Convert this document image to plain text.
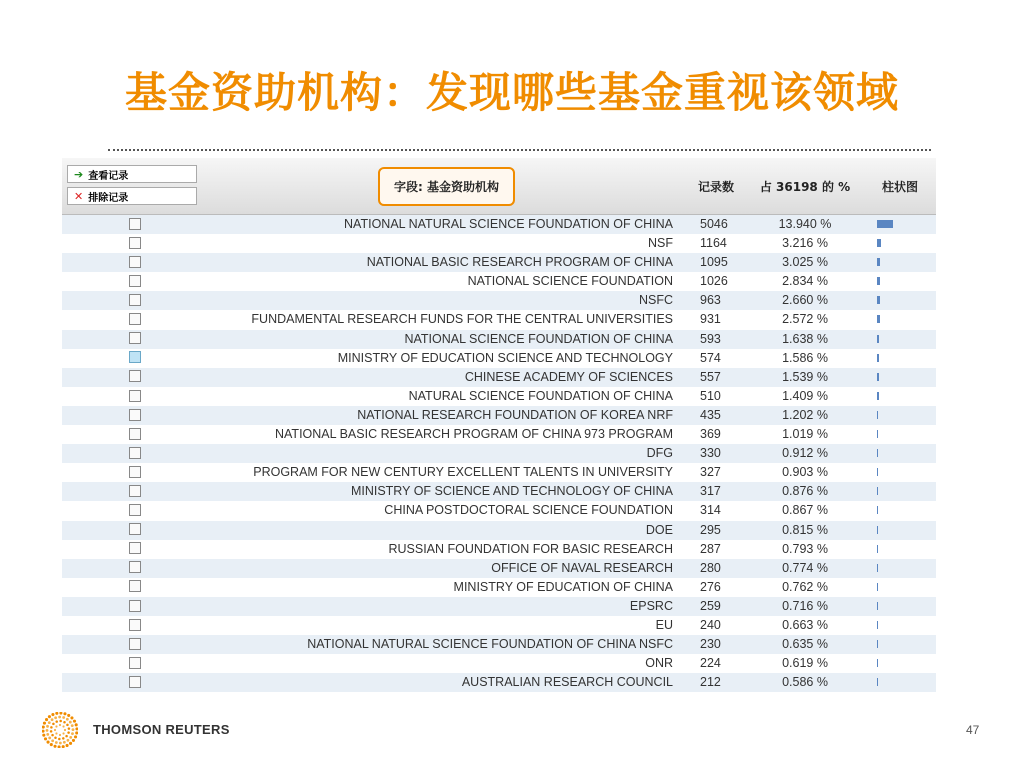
基金资助机构：发现哪些基金重视该领域
➔ 查看记录
✕ 排除记录
字段: 基金资助机构	记录数	占 36198 的 %	柱状图
NATIONAL NATURAL SCIENCE FOUNDATION OF CHINA	5046	13.940 %
NSF	1164	3.216 %
NATIONAL BASIC RESEARCH PROGRAM OF CHINA	1095	3.025 %
NATIONAL SCIENCE FOUNDATION	1026	2.834 %
NSFC	963	2.660 %
FUNDAMENTAL RESEARCH FUNDS FOR THE CENTRAL UNIVERSITIES	931	2.572 %
NATIONAL SCIENCE FOUNDATION OF CHINA	593	1.638 %
MINISTRY OF EDUCATION SCIENCE AND TECHNOLOGY	574	1.586 %
CHINESE ACADEMY OF SCIENCES	557	1.539 %
NATURAL SCIENCE FOUNDATION OF CHINA	510	1.409 %
NATIONAL RESEARCH FOUNDATION OF KOREA NRF	435	1.202 %
NATIONAL BASIC RESEARCH PROGRAM OF CHINA 973 PROGRAM	369	1.019 %
DFG	330	0.912 %
PROGRAM FOR NEW CENTURY EXCELLENT TALENTS IN UNIVERSITY	327	0.903 %
MINISTRY OF SCIENCE AND TECHNOLOGY OF CHINA	317	0.876 %
CHINA POSTDOCTORAL SCIENCE FOUNDATION	314	0.867 %
DOE	295	0.815 %
RUSSIAN FOUNDATION FOR BASIC RESEARCH	287	0.793 %
OFFICE OF NAVAL RESEARCH	280	0.774 %
MINISTRY OF EDUCATION OF CHINA	276	0.762 %
EPSRC	259	0.716 %
EU	240	0.663 %
NATIONAL NATURAL SCIENCE FOUNDATION OF CHINA NSFC	230	0.635 %
ONR	224	0.619 %
AUSTRALIAN RESEARCH COUNCIL	212	0.586 %
THOMSON REUTERS	47
